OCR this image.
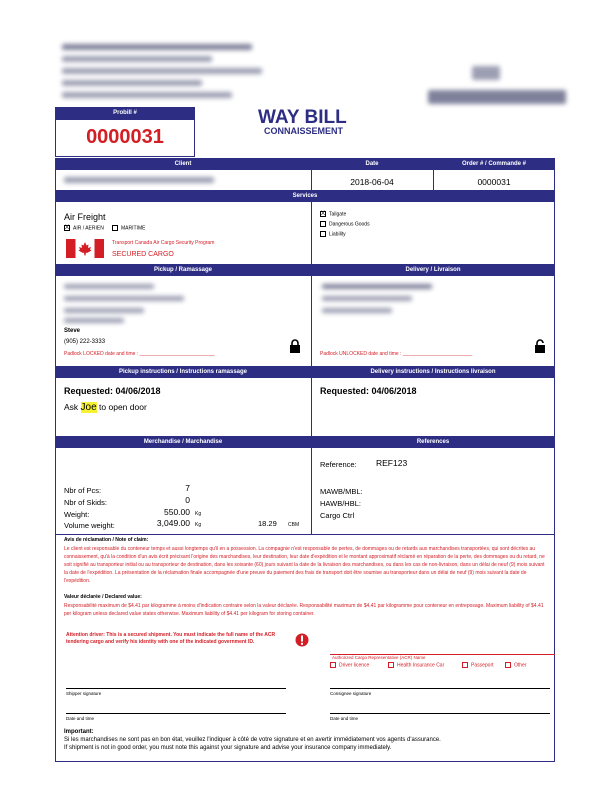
Probill #
0000031
WAY BILL
CONNAISSEMENT
Client	Date	Order # / Commande #
2018-06-04	0000031
Services
Air Freight
X AIR / AERIEN	MARITIME
Transport Canada Air Cargo Security Program
SECURED CARGO
X Tailgate
Dangerous Goods
Liability
Pickup / Ramassage	Delivery / Livraison
Steve
(905) 222-3333
Padlock LOCKED date and time : ___________________________	Padlock UNLOCKED date and time : _________________________
Pickup instructions / Instructions ramassage	Delivery instructions / Instructions livraison
Requested: 04/06/2018
Ask Joe to open door
Requested: 04/06/2018
Merchandise / Marchandise	References
Nbr of Pcs:	7
Nbr of Skids:	0
Weight:	550.00 Kg
Volume weight:	3,049.00 Kg	18.29 CBM
Reference: REF123
MAWB/MBL:
HAWB/HBL:
Cargo Ctrl
Avis de réclamation / Note of claim:
Le client est responsable du conteneur temps et aussi longtemps qu'il en a possession. La compagnie n'est responsable de pertes, de dommages ou de retards aux marchandises transportées, qui sont décrites au connaissement, qu'à la condition d'un avis écrit précisant l'origine des marchandises, leur destination, leur date d'expédition et le montant approximatif réclamé en réparation de la perte, des dommages ou du retard, ne soit signifié au transporteur initial ou au transporteur de destination, dans les soixante (60) jours suivant la date de la livraison des marchandises, ou dans les cas de non-livraison, dans un délai de neuf (9) mois suivant la date de l'expédition. La présentation de la réclamation finale accompagnée d'une preuve du paiement des frais de transport doit être soumise au transporteur dans un délai de neuf (9) mois suivant la date de l'expédition.
Valeur déclarée / Declared value:
Responsabilité maximum de $4.41 par kilogramme à moins d'indication contraire selon la valeur déclarée. Responsabilité maximum de $4.41 par kilogramme pour conteneur en entreposage. Maximum liability of $4.41 per kilogram unless declared value states otherwise. Maximum liability of $4.41 per kilogram for storing container.
Attention driver: This is a secured shipment. You must indicate the full name of the ACR tendering cargo and verify his identity with one of the indicated government ID.
Authorized Cargo Representative (ACR) Name
Driver licence	Health Insurance Car	Passeport	Other
Shipper signature	Consignee signature
Date and time	Date and time
Important:
Si les marchandises ne sont pas en bon état, veuillez l'indiquer à côté de votre signature et en avertir immédiatement vos agents d'assurance.
If shipment is not in good order, you must note this against your signature and advise your insurance company immediately.
